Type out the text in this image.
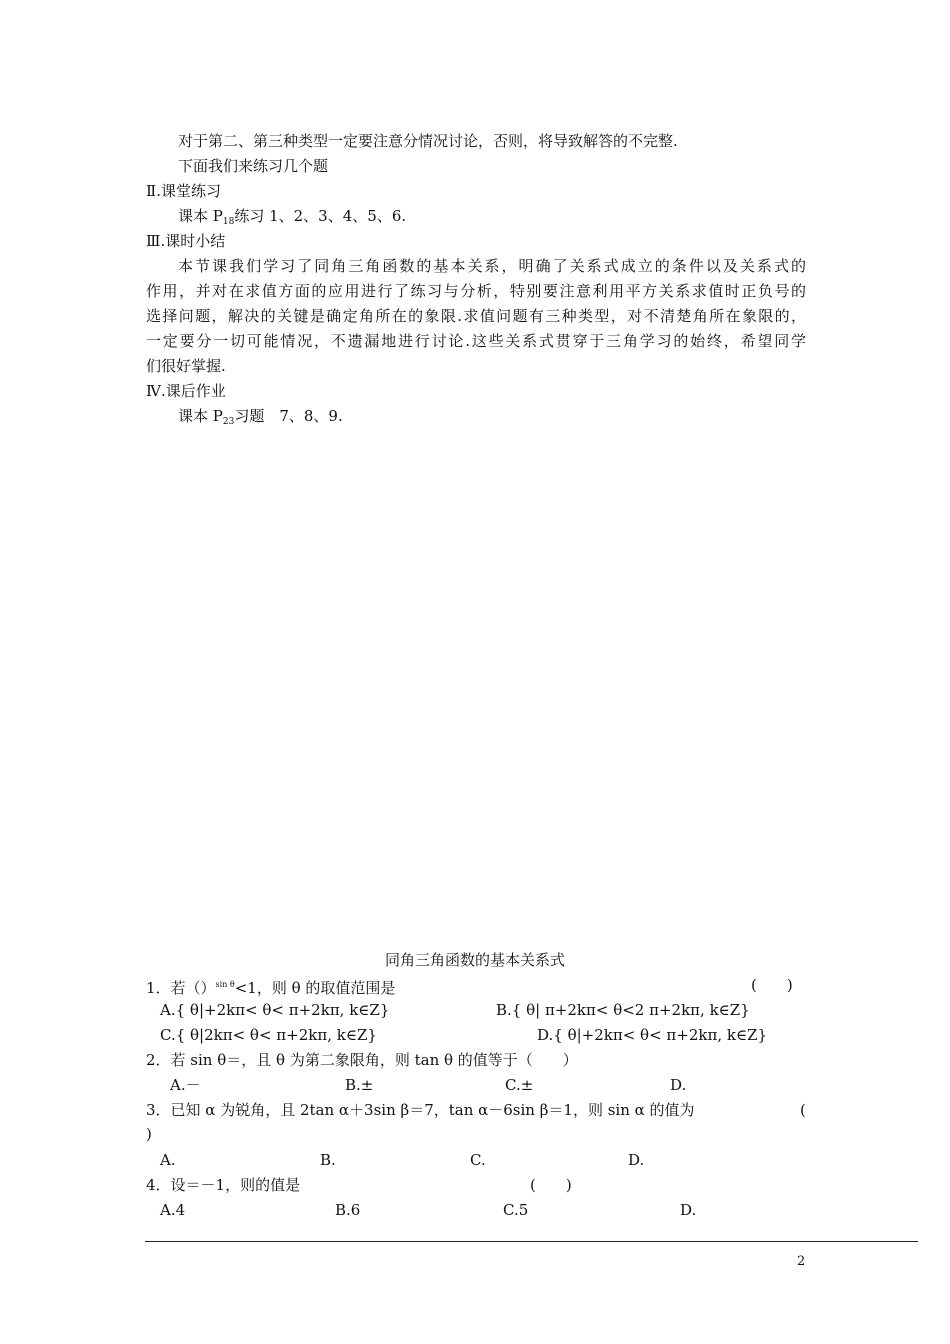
对于第二、第三种类型一定要注意分情况讨论，否则，将导致解答的不完整.
下面我们来练习几个题
Ⅱ.课堂练习
课本 $P_{18}$练习 1、2、3、4、5、6.
Ⅲ.课时小结
本节课我们学习了同角三角函数的基本关系，明确了关系式成立的条件以及关系式的
作用，并对在求值方面的应用进行了练习与分析，特别要注意利用平方关系求值时正负号的
选择问题，解决的关键是确定角所在的象限.求值问题有三种类型，对不清楚角所在象限的，
一定要分一切可能情况，不遗漏地进行讨论.这些关系式贯穿于三角学习的始终，希望同学
们很好掌握.
Ⅳ.课后作业
课本 $P_{23}$习题　7、8、9.
同角三角函数的基本关系式
1．若（）$^{sin \theta}$<1，则 θ 的取值范围是	(　　)
A.{ θ|+2kπ< θ< π+2kπ, k∈Z}	B.{ θ| π+2kπ< θ<2 π+2kπ, k∈Z}
C.{ θ|2kπ< θ< π+2kπ, k∈Z}	D.{ θ|+2kπ< θ< π+2kπ, k∈Z}
2．若 sin θ＝，且 θ 为第二象限角，则 tan θ 的值等于（　　）
A.－	B.±	C.±	D.
3．已知 α 为锐角，且 2tan α＋3sin β＝7，tan α－6sin β＝1，则 sin α 的值为	(
)
A.	B.	C.	D.
4．设＝－1，则的值是	(　　)
A.4	B.6	C.5	D.
2
